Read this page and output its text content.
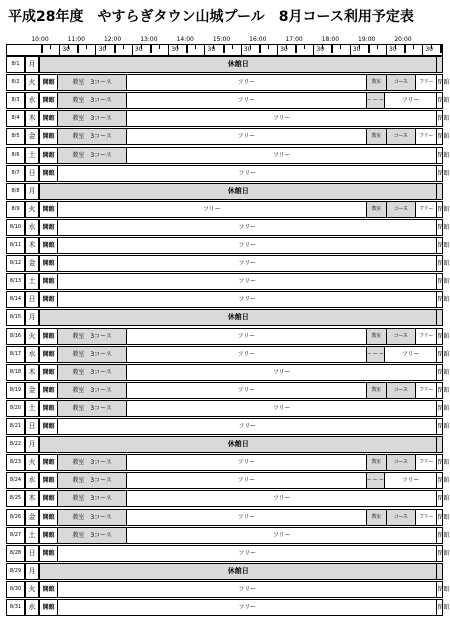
平成28年度　やすらぎタウン山城プール　8月コース利用予定表
10:00	11:00	12:00	13:00	14:00	15:00	16:00	17:00	18:00	19:00	20:00
30	30	30	30	30	30	30	30	30	30	30
8/1	月	休館日
8/2	火	開館	教室　3コース	フリー	教室	コース	フリー 閉館
8/3	水	開館	教室　3コース	フリー	ー ー ー	フリー	閉館
8/4	木	開館	教室　3コース	フリー	閉館
8/5	金	開館	教室　3コース	フリー	教室	コース	フリー 閉館
8/6	土	開館	教室　3コース	フリー	閉館
8/7	日	開館	フリー	閉館
8/8	月	休館日
8/9	火	開館	フリー	教室	コース	フリー 閉館
8/10	水	開館	フリー	閉館
8/11	木	開館	フリー	閉館
8/12	金	開館	フリー	閉館
8/13	土	開館	フリー	閉館
8/14	日	開館	フリー	閉館
8/15	月	休館日
8/16	火	開館	教室　3コース	フリー	教室	コース	フリー 閉館
8/17	水	開館	教室　3コース	フリー	ー ー ー	フリー	閉館
8/18	木	開館	教室　3コース	フリー	閉館
8/19	金	開館	教室　3コース	フリー	教室	コース	フリー 閉館
8/20	土	開館	教室　3コース	フリー	閉館
8/21	日	開館	フリー	閉館
8/22	月	休館日
8/23	火	開館	教室　3コース	フリー	教室	コース	フリー 閉館
8/24	水	開館	教室　3コース	フリー	ー ー ー	フリー	閉館
8/25	木	開館	教室　3コース	フリー	閉館
8/26	金	開館	教室　3コース	フリー	教室	コース	フリー 閉館
8/27	土	開館	教室　3コース	フリー	閉館
8/28	日	開館	フリー	閉館
8/29	月	休館日
8/30	火	開館	フリー	閉館
8/31	水	開館	フリー	閉館
